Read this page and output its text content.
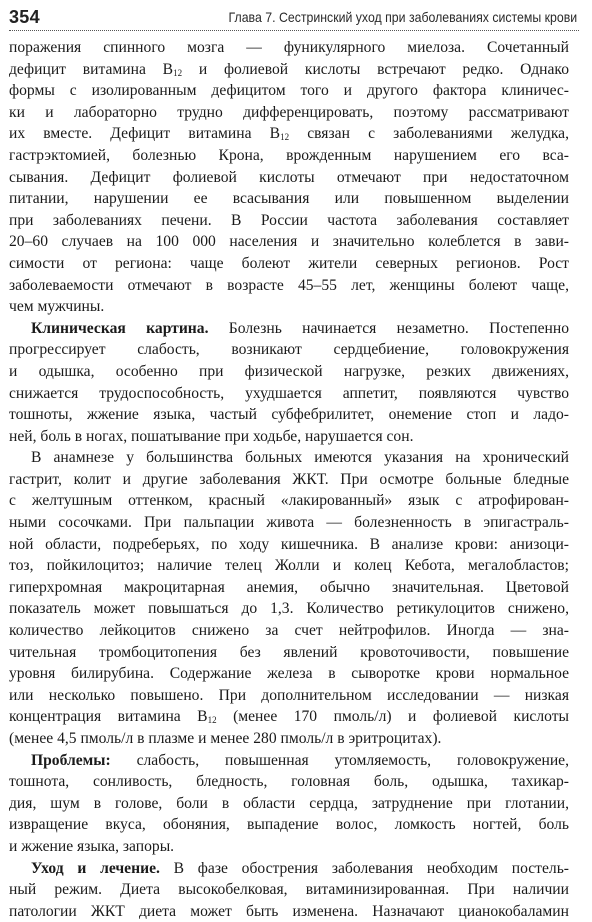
354	Глава 7. Сестринский уход при заболеваниях системы крови
поражения спинного мозга — фуникулярного миелоза. Сочетанный
дефицит витамина $B_{12}$ и фолиевой кислоты встречают редко. Однако
формы с изолированным дефицитом того и другого фактора клиничес-
ки и лабораторно трудно дифференцировать, поэтому рассматривают
их вместе. Дефицит витамина $B_{12}$ связан с заболеваниями желудка,
гастрэктомией, болезнью Крона, врожденным нарушением его вса-
сывания. Дефицит фолиевой кислоты отмечают при недостаточном
питании, нарушении ее всасывания или повышенном выделении
при заболеваниях печени. В России частота заболевания составляет
20–60 случаев на 100 000 населения и значительно колеблется в зави-
симости от региона: чаще болеют жители северных регионов. Рост
заболеваемости отмечают в возрасте 45–55 лет, женщины болеют чаще,
чем мужчины.
Клиническая картина. Болезнь начинается незаметно. Постепенно
прогрессирует слабость, возникают сердцебиение, головокружения
и одышка, особенно при физической нагрузке, резких движениях,
снижается трудоспособность, ухудшается аппетит, появляются чувство
тошноты, жжение языка, частый субфебрилитет, онемение стоп и ладо-
ней, боль в ногах, пошатывание при ходьбе, нарушается сон.
В анамнезе у большинства больных имеются указания на хронический
гастрит, колит и другие заболевания ЖКТ. При осмотре больные бледные
с желтушным оттенком, красный «лакированный» язык с атрофирован-
ными сосочками. При пальпации живота — болезненность в эпигастраль-
ной области, подреберьях, по ходу кишечника. В анализе крови: анизоци-
тоз, пойкилоцитоз; наличие телец Жолли и колец Кебота, мегалобластов;
гиперхромная макроцитарная анемия, обычно значительная. Цветовой
показатель может повышаться до 1,3. Количество ретикулоцитов снижено,
количество лейкоцитов снижено за счет нейтрофилов. Иногда — зна-
чительная тромбоцитопения без явлений кровоточивости, повышение
уровня билирубина. Содержание железа в сыворотке крови нормальное
или несколько повышено. При дополнительном исследовании — низкая
концентрация витамина $B_{12}$ (менее 170 пмоль/л) и фолиевой кислоты
(менее 4,5 пмоль/л в плазме и менее 280 пмоль/л в эритроцитах).
Проблемы: слабость, повышенная утомляемость, головокружение,
тошнота, сонливость, бледность, головная боль, одышка, тахикар-
дия, шум в голове, боли в области сердца, затруднение при глотании,
извращение вкуса, обоняния, выпадение волос, ломкость ногтей, боль
и жжение языка, запоры.
Уход и лечение. В фазе обострения заболевания необходим постель-
ный режим. Диета высокобелковая, витаминизированная. При наличии
патологии ЖКТ диета может быть изменена. Назначают цианокобаламин
